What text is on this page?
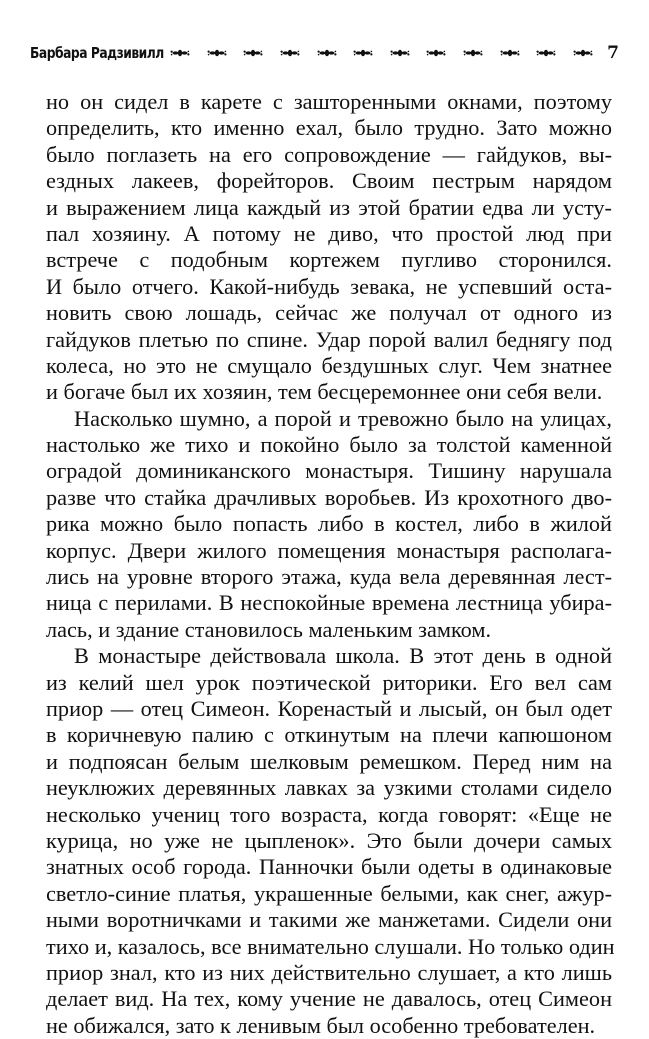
Барбара Радзивилл	7
но он сидел в карете с зашторенными окнами, поэтому
определить, кто именно ехал, было трудно. Зато можно
было поглазеть на его сопровождение — гайдуков, вы-
ездных лакеев, форейторов. Своим пестрым нарядом
и выражением лица каждый из этой братии едва ли усту-
пал хозяину. А потому не диво, что простой люд при
встрече с подобным кортежем пугливо сторонился.
И было отчего. Какой-нибудь зевака, не успевший оста-
новить свою лошадь, сейчас же получал от одного из
гайдуков плетью по спине. Удар порой валил беднягу под
колеса, но это не смущало бездушных слуг. Чем знатнее
и богаче был их хозяин, тем бесцеремоннее они себя вели.
Насколько шумно, а порой и тревожно было на улицах,
настолько же тихо и покойно было за толстой каменной
оградой доминиканского монастыря. Тишину нарушала
разве что стайка драчливых воробьев. Из крохотного дво-
рика можно было попасть либо в костел, либо в жилой
корпус. Двери жилого помещения монастыря располага-
лись на уровне второго этажа, куда вела деревянная лест-
ница с перилами. В неспокойные времена лестница убира-
лась, и здание становилось маленьким замком.
В монастыре действовала школа. В этот день в одной
из келий шел урок поэтической риторики. Его вел сам
приор — отец Симеон. Коренастый и лысый, он был одет
в коричневую палию с откинутым на плечи капюшоном
и подпоясан белым шелковым ремешком. Перед ним на
неуклюжих деревянных лавках за узкими столами сидело
несколько учениц того возраста, когда говорят: «Еще не
курица, но уже не цыпленок». Это были дочери самых
знатных особ города. Панночки были одеты в одинаковые
светло-синие платья, украшенные белыми, как снег, ажур-
ными воротничками и такими же манжетами. Сидели они
тихо и, казалось, все внимательно слушали. Но только один
приор знал, кто из них действительно слушает, а кто лишь
делает вид. На тех, кому учение не давалось, отец Симеон
не обижался, зато к ленивым был особенно требователен.
